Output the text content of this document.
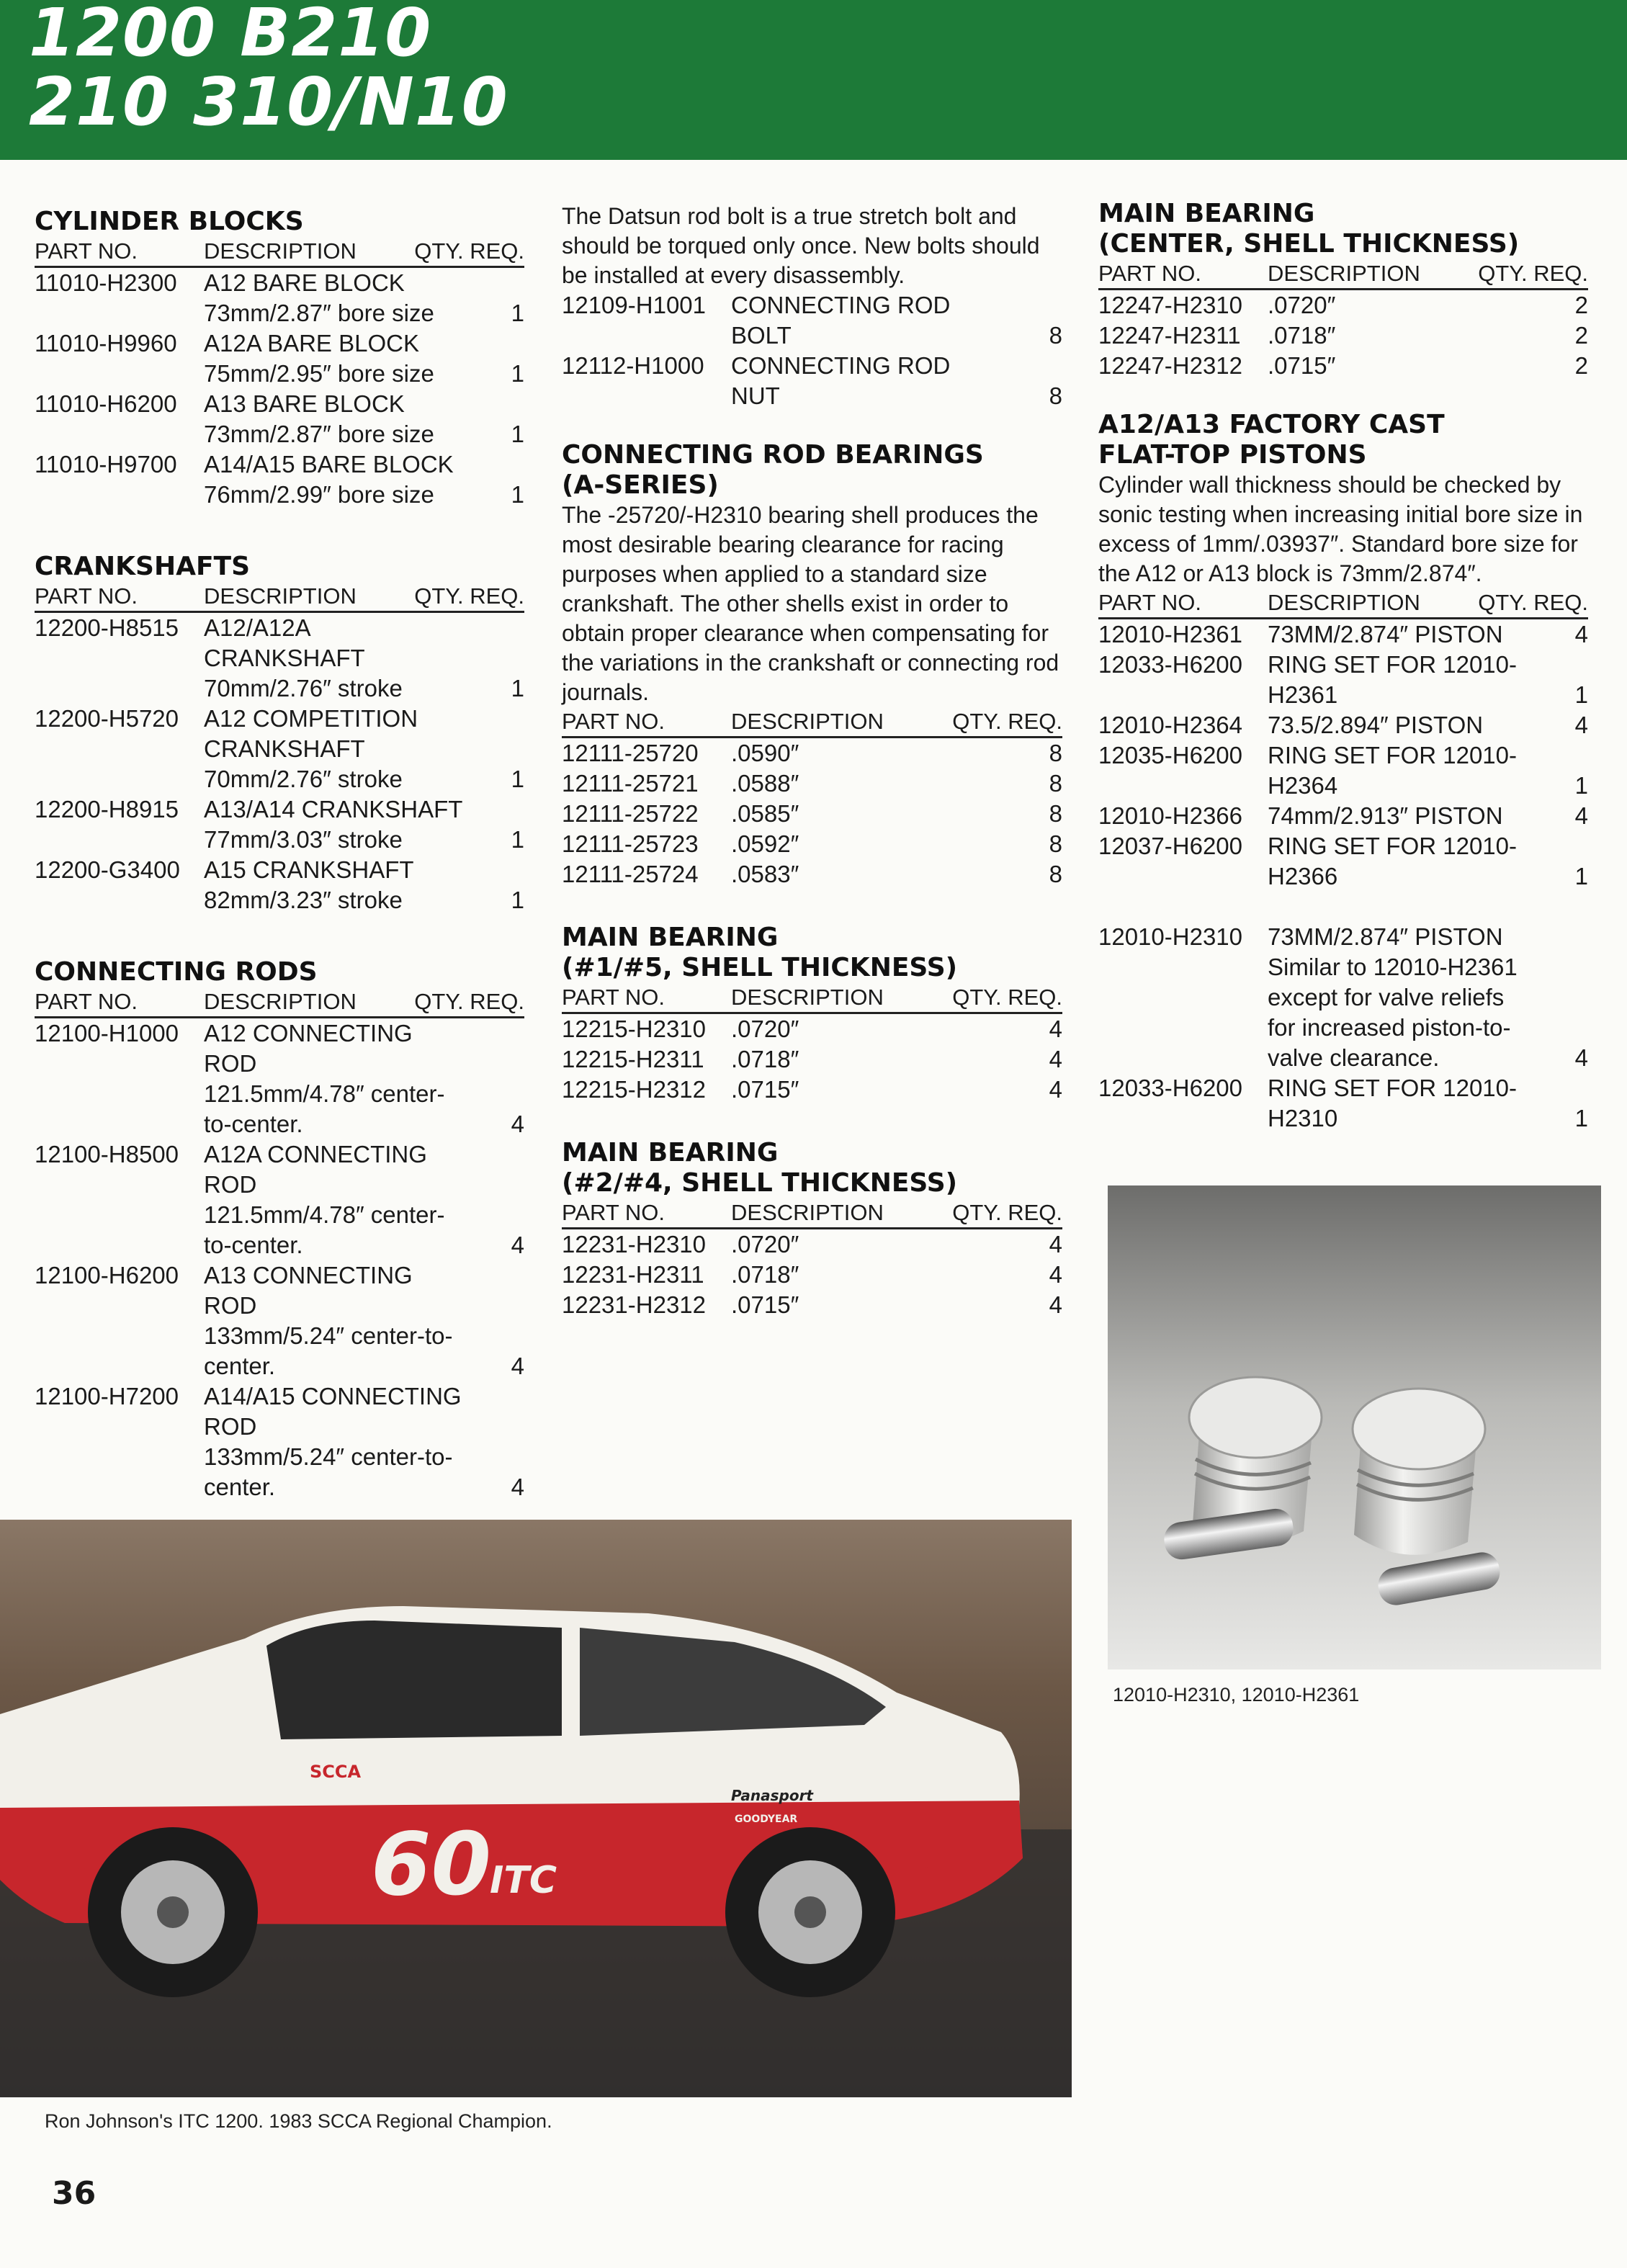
1200 B210
210 310/N10
CYLINDER BLOCKS
PART NO.	DESCRIPTION	QTY. REQ.
11010-H2300	A12 BARE BLOCK
73mm/2.87″ bore size	1
11010-H9960	A12A BARE BLOCK
75mm/2.95″ bore size	1
11010-H6200	A13 BARE BLOCK
73mm/2.87″ bore size	1
11010-H9700	A14/A15 BARE BLOCK
76mm/2.99″ bore size	1
CRANKSHAFTS
PART NO.	DESCRIPTION	QTY. REQ.
12200-H8515	A12/A12A
CRANKSHAFT
70mm/2.76″ stroke	1
12200-H5720	A12 COMPETITION
CRANKSHAFT
70mm/2.76″ stroke	1
12200-H8915	A13/A14 CRANKSHAFT
77mm/3.03″ stroke	1
12200-G3400	A15 CRANKSHAFT
82mm/3.23″ stroke	1
CONNECTING RODS
PART NO.	DESCRIPTION	QTY. REQ.
12100-H1000	A12 CONNECTING
ROD
121.5mm/4.78″ center-
to-center.	4
12100-H8500	A12A CONNECTING
ROD
121.5mm/4.78″ center-
to-center.	4
12100-H6200	A13 CONNECTING
ROD
133mm/5.24″ center-to-
center.	4
12100-H7200	A14/A15 CONNECTING
ROD
133mm/5.24″ center-to-
center.	4
The Datsun rod bolt is a true stretch bolt and should be torqued only once. New bolts should be installed at every disassembly.
12109-H1001	CONNECTING ROD
BOLT	8
12112-H1000	CONNECTING ROD
NUT	8
CONNECTING ROD BEARINGS
(A-SERIES)
The -25720/-H2310 bearing shell produces the most desirable bearing clearance for racing purposes when applied to a standard size crankshaft. The other shells exist in order to obtain proper clearance when compensating for the variations in the crankshaft or connecting rod journals.
PART NO.	DESCRIPTION	QTY. REQ.
12111-25720	.0590″	8
12111-25721	.0588″	8
12111-25722	.0585″	8
12111-25723	.0592″	8
12111-25724	.0583″	8
MAIN BEARING
(#1/#5, SHELL THICKNESS)
PART NO.	DESCRIPTION	QTY. REQ.
12215-H2310	.0720″	4
12215-H2311	.0718″	4
12215-H2312	.0715″	4
MAIN BEARING
(#2/#4, SHELL THICKNESS)
PART NO.	DESCRIPTION	QTY. REQ.
12231-H2310	.0720″	4
12231-H2311	.0718″	4
12231-H2312	.0715″	4
MAIN BEARING
(CENTER, SHELL THICKNESS)
PART NO.	DESCRIPTION	QTY. REQ.
12247-H2310	.0720″	2
12247-H2311	.0718″	2
12247-H2312	.0715″	2
A12/A13 FACTORY CAST
FLAT-TOP PISTONS
Cylinder wall thickness should be checked by sonic testing when increasing initial bore size in excess of 1mm/.03937″. Standard bore size for the A12 or A13 block is 73mm/2.874″.
PART NO.	DESCRIPTION	QTY. REQ.
12010-H2361	73MM/2.874″ PISTON	4
12033-H6200	RING SET FOR 12010-
H2361	1
12010-H2364	73.5/2.894″ PISTON	4
12035-H6200	RING SET FOR 12010-
H2364	1
12010-H2366	74mm/2.913″ PISTON	4
12037-H6200	RING SET FOR 12010-
H2366	1
12010-H2310	73MM/2.874″ PISTON
Similar to 12010-H2361
except for valve reliefs
for increased piston-to-
valve clearance.	4
12033-H6200	RING SET FOR 12010-
H2310	1
12010-H2310, 12010-H2361
60
ITC
SCCA
Panasport
GOODYEAR
Ron Johnson's ITC 1200. 1983 SCCA Regional Champion.
36
